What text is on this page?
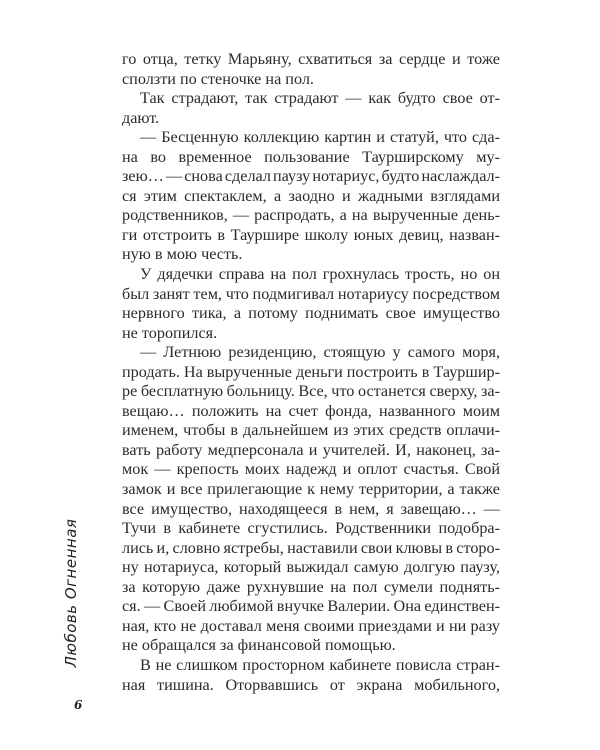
го отца, тетку Марьяну, схватиться за сердце и тоже
сползти по стеночке на пол.
Так страдают, так страдают — как будто свое от-
дают.
— Бесценную коллекцию картин и статуй, что сда-
на во временное пользование Таурширскому му-
зею… — снова сделал паузу нотариус, будто наслаждал-
ся этим спектаклем, а заодно и жадными взглядами
родственников, — распродать, а на вырученные день-
ги отстроить в Тауршире школу юных девиц, назван-
ную в мою честь.
У дядечки справа на пол грохнулась трость, но он
был занят тем, что подмигивал нотариусу посредством
нервного тика, а потому поднимать свое имущество
не торопился.
— Летнюю резиденцию, стоящую у самого моря,
продать. На вырученные деньги построить в Тауршир-
ре бесплатную больницу. Все, что останется сверху, за-
вещаю… положить на счет фонда, названного моим
именем, чтобы в дальнейшем из этих средств оплачи-
вать работу медперсонала и учителей. И, наконец, за-
мок — крепость моих надежд и оплот счастья. Свой
замок и все прилегающие к нему территории, а также
все имущество, находящееся в нем, я завещаю… —
Тучи в кабинете сгустились. Родственники подобра-
лись и, словно ястребы, наставили свои клювы в сторо-
ну нотариуса, который выжидал самую долгую паузу,
за которую даже рухнувшие на пол сумели поднять-
ся. — Своей любимой внучке Валерии. Она единствен-
ная, кто не доставал меня своими приездами и ни разу
не обращался за финансовой помощью.
В не слишком просторном кабинете повисла стран-
ная тишина. Оторвавшись от экрана мобильного,
Любовь Огненная
6
